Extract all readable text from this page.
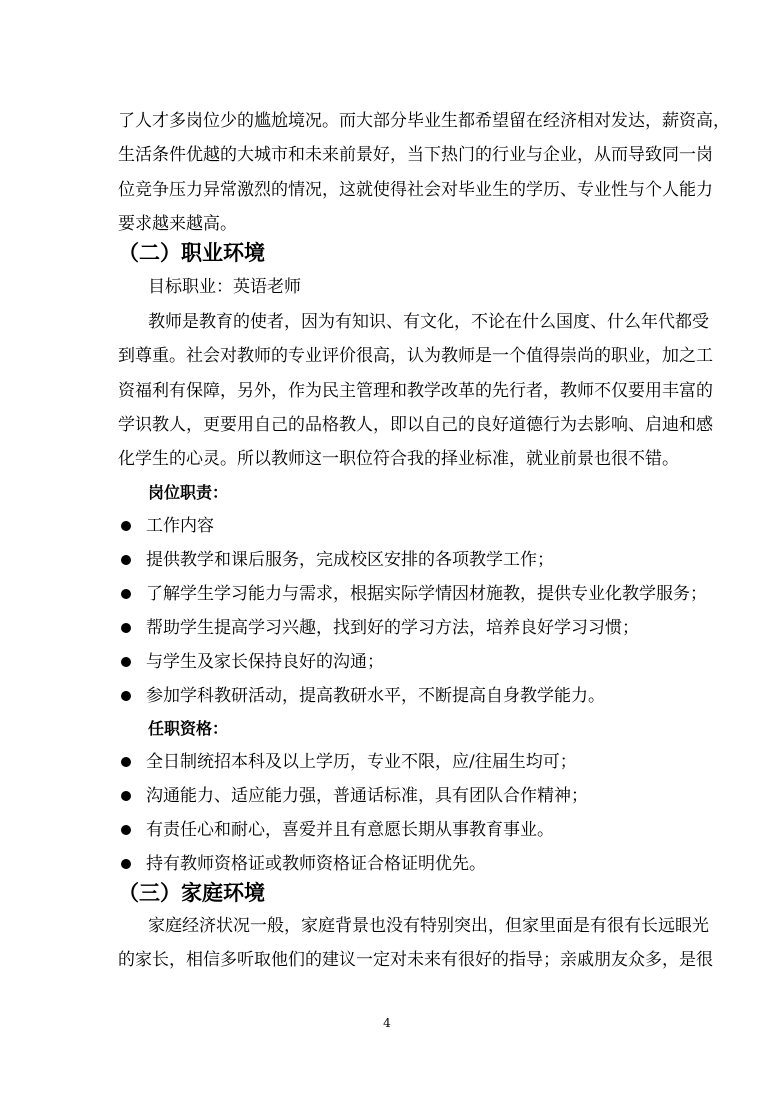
了人才多岗位少的尴尬境况。而大部分毕业生都希望留在经济相对发达，薪资高，
生活条件优越的大城市和未来前景好，当下热门的行业与企业，从而导致同一岗
位竞争压力异常激烈的情况，这就使得社会对毕业生的学历、专业性与个人能力
要求越来越高。
（二）职业环境
目标职业：英语老师
教师是教育的使者，因为有知识、有文化，不论在什么国度、什么年代都受
到尊重。社会对教师的专业评价很高，认为教师是一个值得崇尚的职业，加之工
资福利有保障，另外，作为民主管理和教学改革的先行者，教师不仅要用丰富的
学识教人，更要用自己的品格教人，即以自己的良好道德行为去影响、启迪和感
化学生的心灵。所以教师这一职位符合我的择业标准，就业前景也很不错。
岗位职责：
工作内容
提供教学和课后服务，完成校区安排的各项教学工作；
了解学生学习能力与需求，根据实际学情因材施教，提供专业化教学服务；
帮助学生提高学习兴趣，找到好的学习方法，培养良好学习习惯；
与学生及家长保持良好的沟通；
参加学科教研活动，提高教研水平，不断提高自身教学能力。
任职资格：
全日制统招本科及以上学历，专业不限，应/往届生均可；
沟通能力、适应能力强，普通话标准，具有团队合作精神；
有责任心和耐心，喜爱并且有意愿长期从事教育事业。
持有教师资格证或教师资格证合格证明优先。
（三）家庭环境
家庭经济状况一般，家庭背景也没有特别突出，但家里面是有很有长远眼光
的家长，相信多听取他们的建议一定对未来有很好的指导；亲戚朋友众多，是很
4
